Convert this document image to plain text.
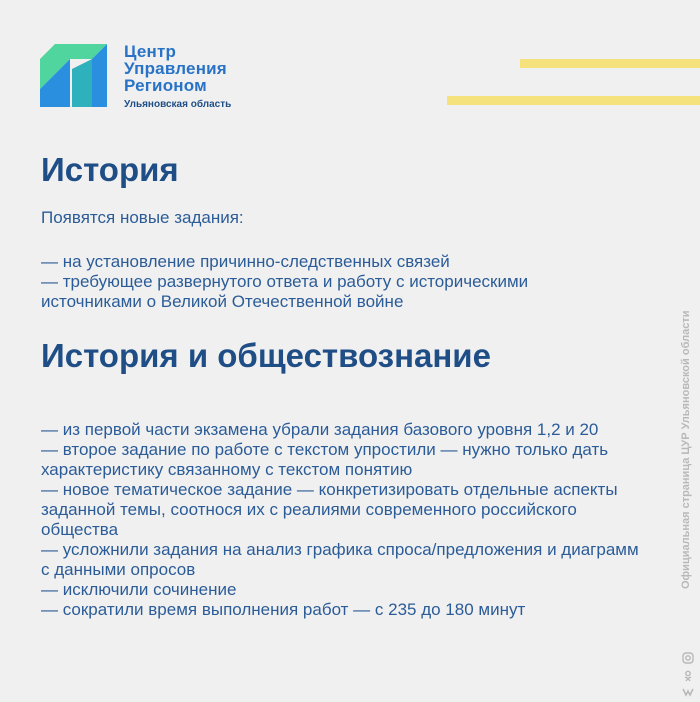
Центр
Управления
Регионом
Ульяновская область
История

Появятся новые задания:

— на установление причинно-следственных связей
— требующее развернутого ответа и работу с историческими источниками о Великой Отечественной войне
История и обществознание
— из первой части экзамена убрали задания базового уровня 1,2 и 20
— второе задание по работе с текстом упростили — нужно только дать характеристику связанному с текстом понятию
— новое тематическое задание — конкретизировать отдельные аспекты заданной темы, соотнося их с реалиями современного российского общества
— усложнили задания на анализ графика спроса/предложения и диаграмм с данными опросов
— исключили сочинение
— сократили время выполнения работ — с 235 до 180 минут
Официальная страница ЦУР Ульяновской области
